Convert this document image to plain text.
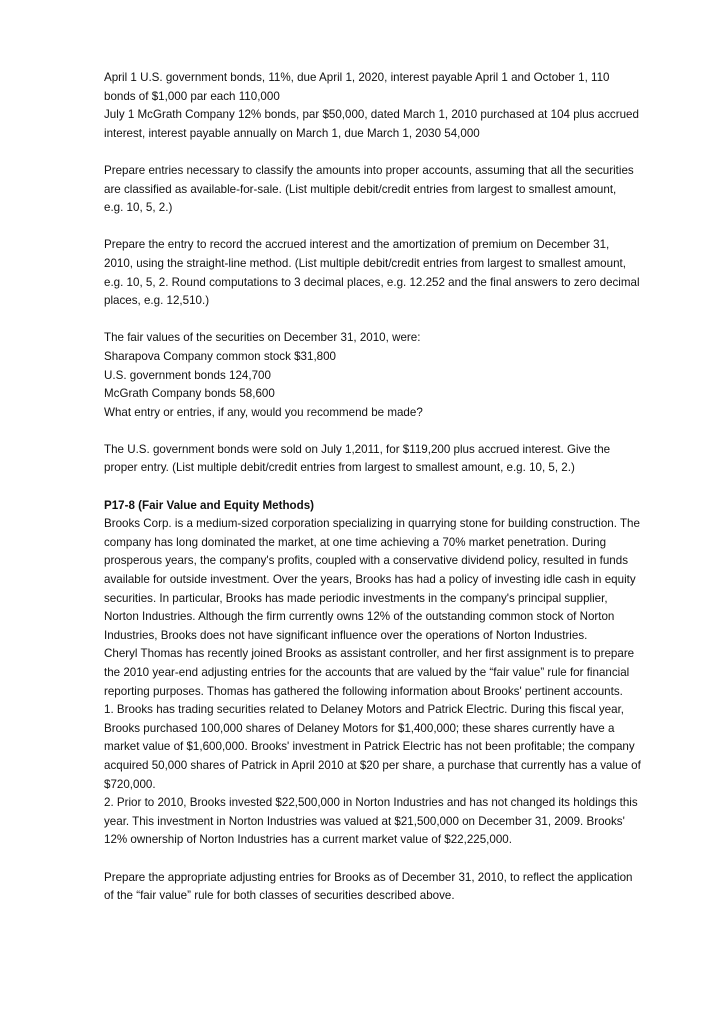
April 1 U.S. government bonds, 11%, due April 1, 2020, interest payable April 1 and October 1, 110
bonds of $1,000 par each 110,000
July 1 McGrath Company 12% bonds, par $50,000, dated March 1, 2010 purchased at 104 plus accrued
interest, interest payable annually on March 1, due March 1, 2030 54,000
Prepare entries necessary to classify the amounts into proper accounts, assuming that all the securities
are classified as available-for-sale. (List multiple debit/credit entries from largest to smallest amount,
e.g. 10, 5, 2.)
Prepare the entry to record the accrued interest and the amortization of premium on December 31,
2010, using the straight-line method. (List multiple debit/credit entries from largest to smallest amount,
e.g. 10, 5, 2. Round computations to 3 decimal places, e.g. 12.252 and the final answers to zero decimal
places, e.g. 12,510.)
The fair values of the securities on December 31, 2010, were:
Sharapova Company common stock $31,800
U.S. government bonds 124,700
McGrath Company bonds 58,600
What entry or entries, if any, would you recommend be made?
The U.S. government bonds were sold on July 1,2011, for $119,200 plus accrued interest. Give the
proper entry. (List multiple debit/credit entries from largest to smallest amount, e.g. 10, 5, 2.)
P17-8 (Fair Value and Equity Methods)
Brooks Corp. is a medium-sized corporation specializing in quarrying stone for building construction. The
company has long dominated the market, at one time achieving a 70% market penetration. During
prosperous years, the company's profits, coupled with a conservative dividend policy, resulted in funds
available for outside investment. Over the years, Brooks has had a policy of investing idle cash in equity
securities. In particular, Brooks has made periodic investments in the company's principal supplier,
Norton Industries. Although the firm currently owns 12% of the outstanding common stock of Norton
Industries, Brooks does not have significant influence over the operations of Norton Industries.
Cheryl Thomas has recently joined Brooks as assistant controller, and her first assignment is to prepare
the 2010 year-end adjusting entries for the accounts that are valued by the “fair value” rule for financial
reporting purposes. Thomas has gathered the following information about Brooks' pertinent accounts.
1. Brooks has trading securities related to Delaney Motors and Patrick Electric. During this fiscal year,
Brooks purchased 100,000 shares of Delaney Motors for $1,400,000; these shares currently have a
market value of $1,600,000. Brooks' investment in Patrick Electric has not been profitable; the company
acquired 50,000 shares of Patrick in April 2010 at $20 per share, a purchase that currently has a value of
$720,000.
2. Prior to 2010, Brooks invested $22,500,000 in Norton Industries and has not changed its holdings this
year. This investment in Norton Industries was valued at $21,500,000 on December 31, 2009. Brooks'
12% ownership of Norton Industries has a current market value of $22,225,000.
Prepare the appropriate adjusting entries for Brooks as of December 31, 2010, to reflect the application
of the “fair value” rule for both classes of securities described above.
